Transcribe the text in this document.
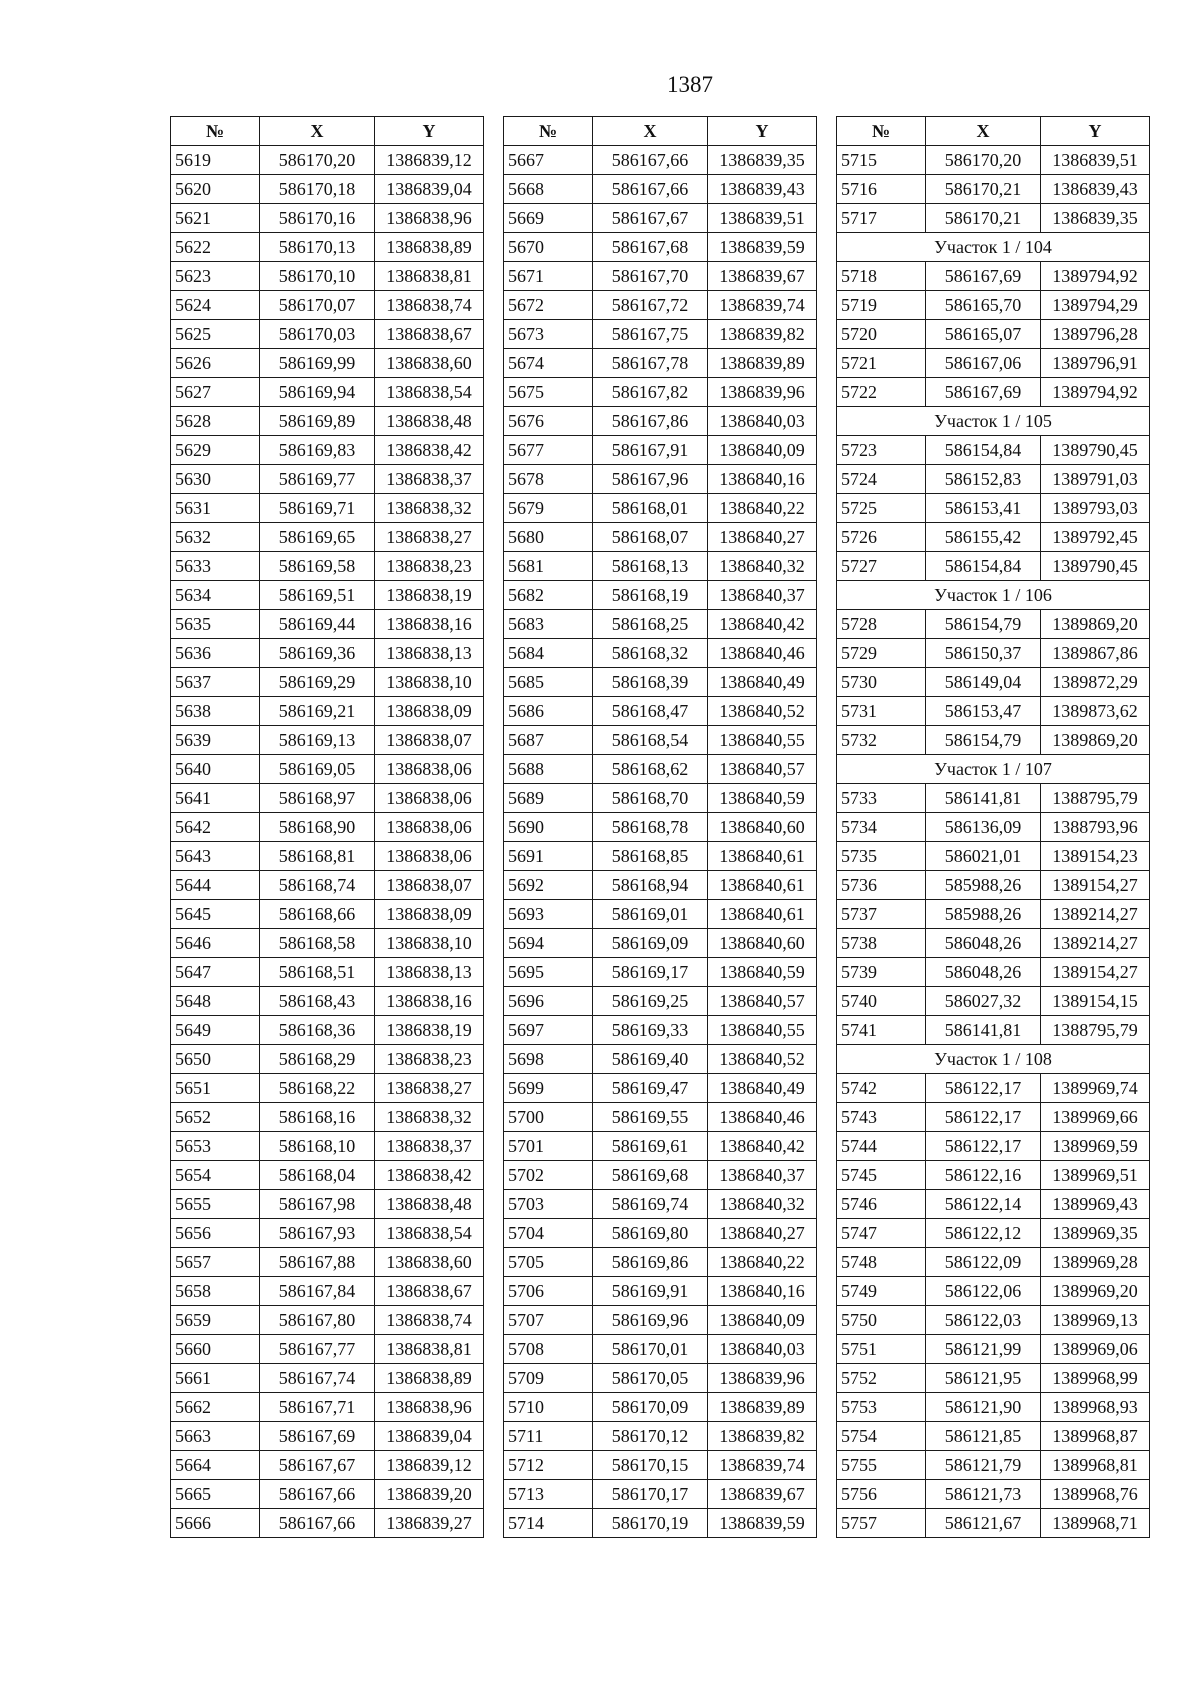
1387
№	X	Y
5619	586170,20	1386839,12
5620	586170,18	1386839,04
5621	586170,16	1386838,96
5622	586170,13	1386838,89
5623	586170,10	1386838,81
5624	586170,07	1386838,74
5625	586170,03	1386838,67
5626	586169,99	1386838,60
5627	586169,94	1386838,54
5628	586169,89	1386838,48
5629	586169,83	1386838,42
5630	586169,77	1386838,37
5631	586169,71	1386838,32
5632	586169,65	1386838,27
5633	586169,58	1386838,23
5634	586169,51	1386838,19
5635	586169,44	1386838,16
5636	586169,36	1386838,13
5637	586169,29	1386838,10
5638	586169,21	1386838,09
5639	586169,13	1386838,07
5640	586169,05	1386838,06
5641	586168,97	1386838,06
5642	586168,90	1386838,06
5643	586168,81	1386838,06
5644	586168,74	1386838,07
5645	586168,66	1386838,09
5646	586168,58	1386838,10
5647	586168,51	1386838,13
5648	586168,43	1386838,16
5649	586168,36	1386838,19
5650	586168,29	1386838,23
5651	586168,22	1386838,27
5652	586168,16	1386838,32
5653	586168,10	1386838,37
5654	586168,04	1386838,42
5655	586167,98	1386838,48
5656	586167,93	1386838,54
5657	586167,88	1386838,60
5658	586167,84	1386838,67
5659	586167,80	1386838,74
5660	586167,77	1386838,81
5661	586167,74	1386838,89
5662	586167,71	1386838,96
5663	586167,69	1386839,04
5664	586167,67	1386839,12
5665	586167,66	1386839,20
5666	586167,66	1386839,27
№	X	Y
5667	586167,66	1386839,35
5668	586167,66	1386839,43
5669	586167,67	1386839,51
5670	586167,68	1386839,59
5671	586167,70	1386839,67
5672	586167,72	1386839,74
5673	586167,75	1386839,82
5674	586167,78	1386839,89
5675	586167,82	1386839,96
5676	586167,86	1386840,03
5677	586167,91	1386840,09
5678	586167,96	1386840,16
5679	586168,01	1386840,22
5680	586168,07	1386840,27
5681	586168,13	1386840,32
5682	586168,19	1386840,37
5683	586168,25	1386840,42
5684	586168,32	1386840,46
5685	586168,39	1386840,49
5686	586168,47	1386840,52
5687	586168,54	1386840,55
5688	586168,62	1386840,57
5689	586168,70	1386840,59
5690	586168,78	1386840,60
5691	586168,85	1386840,61
5692	586168,94	1386840,61
5693	586169,01	1386840,61
5694	586169,09	1386840,60
5695	586169,17	1386840,59
5696	586169,25	1386840,57
5697	586169,33	1386840,55
5698	586169,40	1386840,52
5699	586169,47	1386840,49
5700	586169,55	1386840,46
5701	586169,61	1386840,42
5702	586169,68	1386840,37
5703	586169,74	1386840,32
5704	586169,80	1386840,27
5705	586169,86	1386840,22
5706	586169,91	1386840,16
5707	586169,96	1386840,09
5708	586170,01	1386840,03
5709	586170,05	1386839,96
5710	586170,09	1386839,89
5711	586170,12	1386839,82
5712	586170,15	1386839,74
5713	586170,17	1386839,67
5714	586170,19	1386839,59
№	X	Y
5715	586170,20	1386839,51
5716	586170,21	1386839,43
5717	586170,21	1386839,35
Участок 1 / 104		
5718	586167,69	1389794,92
5719	586165,70	1389794,29
5720	586165,07	1389796,28
5721	586167,06	1389796,91
5722	586167,69	1389794,92
Участок 1 / 105		
5723	586154,84	1389790,45
5724	586152,83	1389791,03
5725	586153,41	1389793,03
5726	586155,42	1389792,45
5727	586154,84	1389790,45
Участок 1 / 106		
5728	586154,79	1389869,20
5729	586150,37	1389867,86
5730	586149,04	1389872,29
5731	586153,47	1389873,62
5732	586154,79	1389869,20
Участок 1 / 107		
5733	586141,81	1388795,79
5734	586136,09	1388793,96
5735	586021,01	1389154,23
5736	585988,26	1389154,27
5737	585988,26	1389214,27
5738	586048,26	1389214,27
5739	586048,26	1389154,27
5740	586027,32	1389154,15
5741	586141,81	1388795,79
Участок 1 / 108		
5742	586122,17	1389969,74
5743	586122,17	1389969,66
5744	586122,17	1389969,59
5745	586122,16	1389969,51
5746	586122,14	1389969,43
5747	586122,12	1389969,35
5748	586122,09	1389969,28
5749	586122,06	1389969,20
5750	586122,03	1389969,13
5751	586121,99	1389969,06
5752	586121,95	1389968,99
5753	586121,90	1389968,93
5754	586121,85	1389968,87
5755	586121,79	1389968,81
5756	586121,73	1389968,76
5757	586121,67	1389968,71
